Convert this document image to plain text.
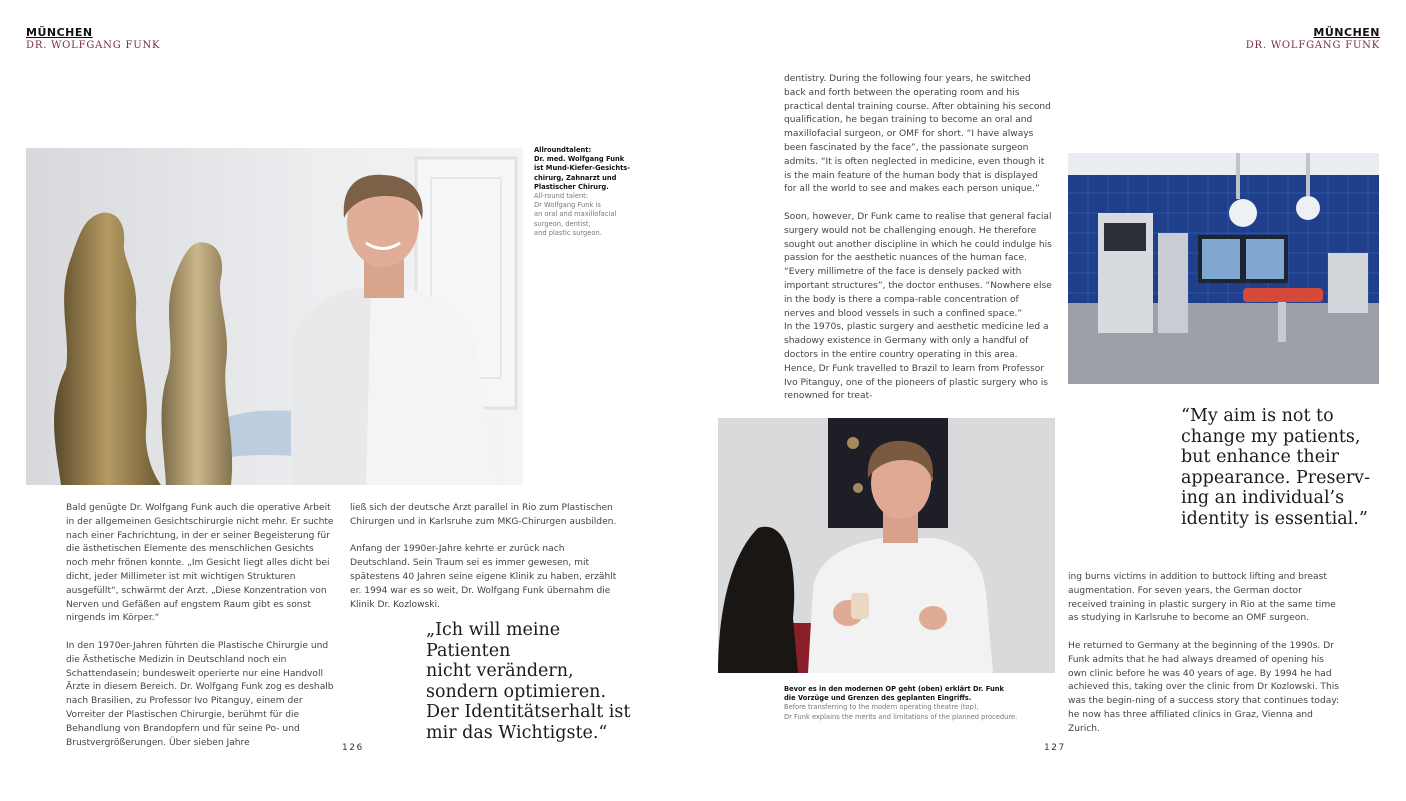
MÜNCHEN
DR. WOLFGANG FUNK
MÜNCHEN
DR. WOLFGANG FUNK
Allroundtalent:
Dr. med. Wolfgang Funk
ist Mund-Kiefer-Gesichts-
chirurg, Zahnarzt und
Plastischer Chirurg.
All-round talent:
Dr Wolfgang Funk is
an oral and maxillofacial
surgeon, dentist,
and plastic surgeon.

Bald genügte Dr. Wolfgang Funk auch die operative Arbeit in der allgemeinen Gesichtschirurgie nicht mehr. Er suchte nach einer Fachrichtung, in der er seiner Begeisterung für die ästhetischen Elemente des menschlichen Gesichts noch mehr frönen konnte. „Im Gesicht liegt alles dicht bei dicht, jeder Millimeter ist mit wichtigen Strukturen ausgefüllt“, schwärmt der Arzt. „Diese Konzentration von Nerven und Gefäßen auf engstem Raum gibt es sonst nirgends im Körper.“

In den 1970er-Jahren führten die Plastische Chirurgie und die Ästhetische Medizin in Deutschland noch ein Schattendasein; bundesweit operierte nur eine Handvoll Ärzte in diesem Bereich. Dr. Wolfgang Funk zog es deshalb nach Brasilien, zu Professor Ivo Pitanguy, einem der Vorreiter der Plastischen Chirurgie, berühmt für die Behandlung von Brandopfern und für seine Po- und Brustvergrößerungen. Über sieben Jahre

ließ sich der deutsche Arzt parallel in Rio zum Plastischen Chirurgen und in Karlsruhe zum MKG-Chirurgen ausbilden.

Anfang der 1990er-Jahre kehrte er zurück nach Deutschland. Sein Traum sei es immer gewesen, mit spätestens 40 Jahren seine eigene Klinik zu haben, erzählt er. 1994 war es so weit, Dr. Wolfgang Funk übernahm die Klinik Dr. Kozlowski.

„Ich will meine Patienten
nicht verändern,
sondern optimieren.
Der Identitätserhalt ist
mir das Wichtigste.“
126

dentistry. During the following four years, he switched back and forth between the operating room and his practical dental training course. After obtaining his second qualification, he began training to become an oral and maxillofacial surgeon, or OMF for short. “I have always been fascinated by the face”, the passionate surgeon admits. “It is often neglected in medicine, even though it is the main feature of the human body that is displayed for all the world to see and makes each person unique.”

Soon, however, Dr Funk came to realise that general facial surgery would not be challenging enough. He therefore sought out another discipline in which he could indulge his passion for the aesthetic nuances of the human face. “Every millimetre of the face is densely packed with important structures”, the doctor enthuses. “Nowhere else in the body is there a compa-rable concentration of nerves and blood vessels in such a confined space.”

In the 1970s, plastic surgery and aesthetic medicine led a shadowy existence in Germany with only a handful of doctors in the entire country operating in this area. Hence, Dr Funk travelled to Brazil to learn from Professor Ivo Pitanguy, one of the pioneers of plastic surgery who is renowned for treat-

“My aim is not to
change my patients,
but enhance their
appearance. Preserv-
ing an individual’s
identity is essential.”
Bevor es in den modernen OP geht (oben) erklärt Dr. Funk
die Vorzüge und Grenzen des geplanten Eingriffs.
Before transferring to the modern operating theatre (top),
Dr Funk explains the merits and limitations of the planned procedure.

ing burns victims in addition to buttock lifting and breast augmentation. For seven years, the German doctor received training in plastic surgery in Rio at the same time as studying in Karlsruhe to become an OMF surgeon.

He returned to Germany at the beginning of the 1990s. Dr Funk admits that he had always dreamed of opening his own clinic before he was 40 years of age. By 1994 he had achieved this, taking over the clinic from Dr Kozlowski. This was the begin-ning of a success story that continues today: he now has three affiliated clinics in Graz, Vienna and Zurich.

127
